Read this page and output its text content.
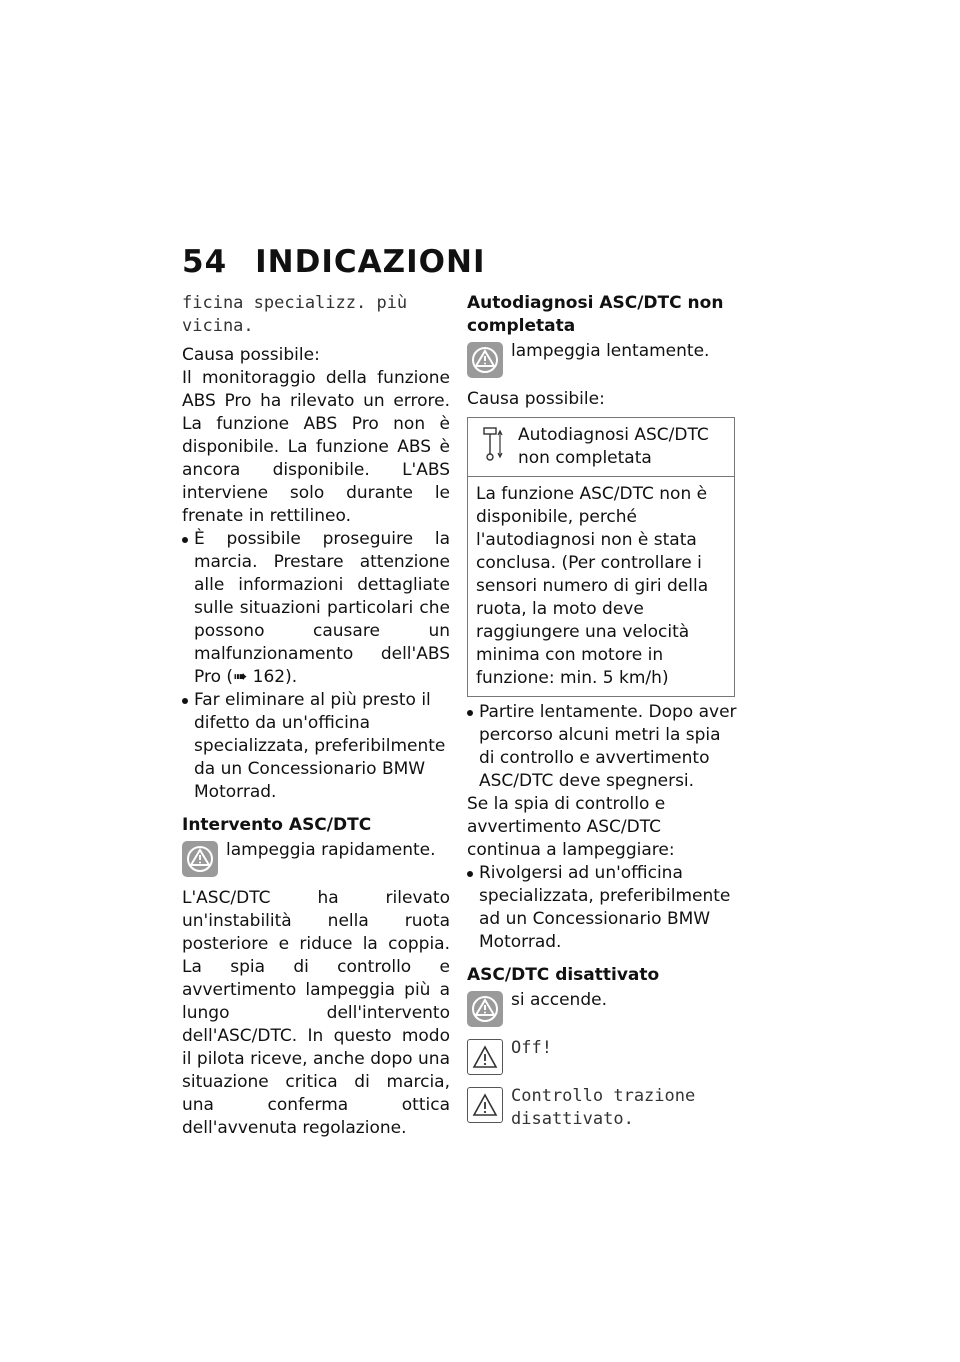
54 INDICAZIONI

ficina specializz. più
vicina.

Causa possibile:

Il monitoraggio della funzione ABS Pro ha rilevato un errore. La funzione ABS Pro non è disponibile. La funzione ABS è ancora disponibile. L'ABS interviene solo durante le frenate in rettilineo.

È possibile proseguire la marcia. Prestare attenzione alle informazioni dettagliate sulle situazioni particolari che possono causare un malfunzionamento dell'ABS Pro (➠ 162).
Far eliminare al più presto il difetto da un'officina specializzata, preferibilmente da un Concessionario BMW Motorrad.

Intervento ASC/DTC

lampeggia rapidamente.

L'ASC/DTC ha rilevato un'instabilità nella ruota posteriore e riduce la coppia. La spia di controllo e avvertimento lampeggia più a lungo dell'intervento dell'ASC/DTC. In questo modo il pilota riceve, anche dopo una situazione critica di marcia, una conferma ottica dell'avvenuta regolazione.

Autodiagnosi ASC/DTC non completata

lampeggia lentamente.

Causa possibile:

Autodiagnosi ASC/DTC non completata
La funzione ASC/DTC non è disponibile, perché l'autodiagnosi non è stata conclusa. (Per controllare i sensori numero di giri della ruota, la moto deve raggiungere una velocità minima con motore in funzione: min. 5 km/h)
Partire lentamente. Dopo aver percorso alcuni metri la spia di controllo e avvertimento ASC/DTC deve spegnersi.

Se la spia di controllo e avvertimento ASC/DTC continua a lampeggiare:

Rivolgersi ad un'officina specializzata, preferibilmente ad un Concessionario BMW Motorrad.

ASC/DTC disattivato

si accende.
Off!
Controllo trazione
disattivato.
